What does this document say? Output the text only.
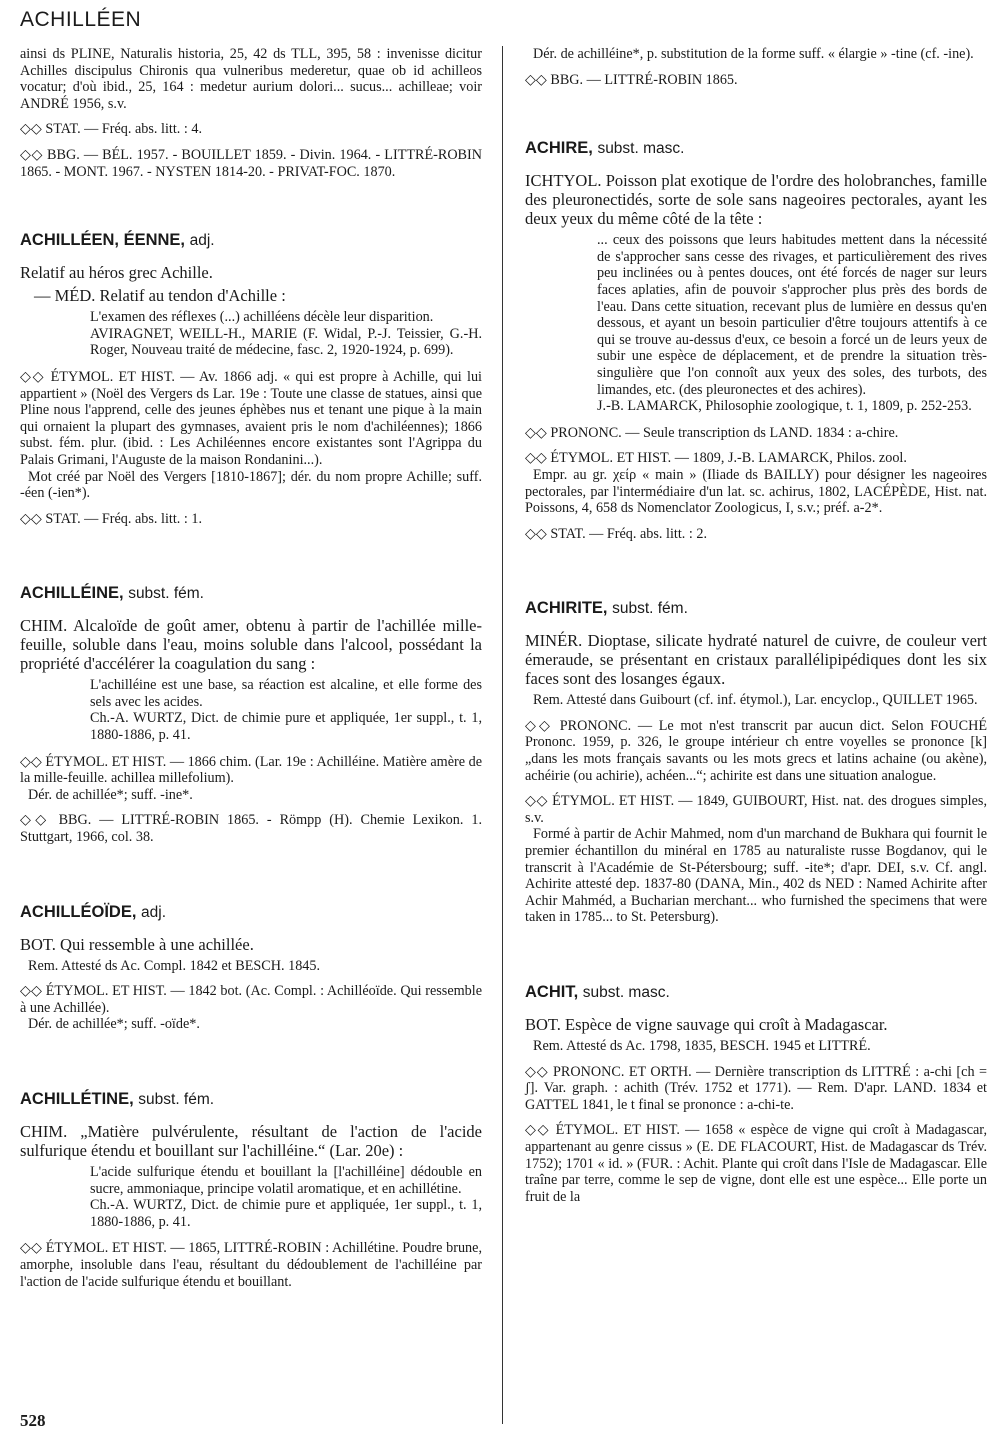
ACHILLÉEN

ainsi ds PLINE, Naturalis historia, 25, 42 ds TLL, 395, 58 : invenisse dicitur Achilles discipulus Chironis qua vulneribus mederetur, quae ob id achilleos vocatur; d'où ibid., 25, 164 : medetur aurium dolori... sucus... achilleae; voir ANDRÉ 1956, s.v.

◇◇ STAT. — Fréq. abs. litt. : 4.

◇◇ BBG. — BÉL. 1957. - BOUILLET 1859. - Divin. 1964. - LITTRÉ-ROBIN 1865. - MONT. 1967. - NYSTEN 1814-20. - PRIVAT-FOC. 1870.

ACHILLÉEN, ÉENNE, adj.

Relatif au héros grec Achille.

— MÉD. Relatif au tendon d'Achille :

L'examen des réflexes (...) achilléens décèle leur disparition.
AVIRAGNET, WEILL-H., MARIE (F. Widal, P.-J. Teissier, G.-H. Roger, Nouveau traité de médecine, fasc. 2, 1920-1924, p. 699).

◇◇ ÉTYMOL. ET HIST. — Av. 1866 adj. « qui est propre à Achille, qui lui appartient » (Noël des Vergers ds Lar. 19e : Toute une classe de statues, ainsi que Pline nous l'apprend, celle des jeunes éphèbes nus et tenant une pique à la main qui ornaient la plupart des gymnases, avaient pris le nom d'achiléennes); 1866 subst. fém. plur. (ibid. : Les Achiléennes encore existantes sont l'Agrippa du Palais Grimani, l'Auguste de la maison Rondanini...).

Mot créé par Noël des Vergers [1810-1867]; dér. du nom propre Achille; suff. -éen (-ien*).

◇◇ STAT. — Fréq. abs. litt. : 1.

ACHILLÉINE, subst. fém.

CHIM. Alcaloïde de goût amer, obtenu à partir de l'achillée mille-feuille, soluble dans l'eau, moins soluble dans l'alcool, possédant la propriété d'accélérer la coagulation du sang :

L'achilléine est une base, sa réaction est alcaline, et elle forme des sels avec les acides.
Ch.-A. WURTZ, Dict. de chimie pure et appliquée, 1er suppl., t. 1, 1880-1886, p. 41.

◇◇ ÉTYMOL. ET HIST. — 1866 chim. (Lar. 19e : Achilléine. Matière amère de la mille-feuille. achillea millefolium).

Dér. de achillée*; suff. -ine*.

◇◇ BBG. — LITTRÉ-ROBIN 1865. - Römpp (H). Chemie Lexikon. 1. Stuttgart, 1966, col. 38.

ACHILLÉOÏDE, adj.

BOT. Qui ressemble à une achillée.

Rem. Attesté ds Ac. Compl. 1842 et BESCH. 1845.

◇◇ ÉTYMOL. ET HIST. — 1842 bot. (Ac. Compl. : Achilléoïde. Qui ressemble à une Achillée).

Dér. de achillée*; suff. -oïde*.

ACHILLÉTINE, subst. fém.

CHIM. „Matière pulvérulente, résultant de l'action de l'acide sulfurique étendu et bouillant sur l'achilléine.“ (Lar. 20e) :

L'acide sulfurique étendu et bouillant la [l'achilléine] dédouble en sucre, ammoniaque, principe volatil aromatique, et en achillétine.
Ch.-A. WURTZ, Dict. de chimie pure et appliquée, 1er suppl., t. 1, 1880-1886, p. 41.

◇◇ ÉTYMOL. ET HIST. — 1865, LITTRÉ-ROBIN : Achillétine. Poudre brune, amorphe, insoluble dans l'eau, résultant du dédoublement de l'achilléine par l'action de l'acide sulfurique étendu et bouillant.

Dér. de achilléine*, p. substitution de la forme suff. « élargie » -tine (cf. -ine).

◇◇ BBG. — LITTRÉ-ROBIN 1865.

ACHIRE, subst. masc.

ICHTYOL. Poisson plat exotique de l'ordre des holobranches, famille des pleuronectidés, sorte de sole sans nageoires pectorales, ayant les deux yeux du même côté de la tête :

... ceux des poissons que leurs habitudes mettent dans la nécessité de s'approcher sans cesse des rivages, et particulièrement des rives peu inclinées ou à pentes douces, ont été forcés de nager sur leurs faces aplaties, afin de pouvoir s'approcher plus près des bords de l'eau. Dans cette situation, recevant plus de lumière en dessus qu'en dessous, et ayant un besoin particulier d'être toujours attentifs à ce qui se trouve au-dessus d'eux, ce besoin a forcé un de leurs yeux de subir une espèce de déplacement, et de prendre la situation très-singulière que l'on connoît aux yeux des soles, des turbots, des limandes, etc. (des pleuronectes et des achires).
J.-B. LAMARCK, Philosophie zoologique, t. 1, 1809, p. 252-253.

◇◇ PRONONC. — Seule transcription ds LAND. 1834 : a-chire.

◇◇ ÉTYMOL. ET HIST. — 1809, J.-B. LAMARCK, Philos. zool.

Empr. au gr. χείρ « main » (Iliade ds BAILLY) pour désigner les nageoires pectorales, par l'intermédiaire d'un lat. sc. achirus, 1802, LACÉPÈDE, Hist. nat. Poissons, 4, 658 ds Nomenclator Zoologicus, I, s.v.; préf. a-2*.

◇◇ STAT. — Fréq. abs. litt. : 2.

ACHIRITE, subst. fém.

MINÉR. Dioptase, silicate hydraté naturel de cuivre, de couleur vert émeraude, se présentant en cristaux parallélipipédiques dont les six faces sont des losanges égaux.

Rem. Attesté dans Guibourt (cf. inf. étymol.), Lar. encyclop., QUILLET 1965.

◇◇ PRONONC. — Le mot n'est transcrit par aucun dict. Selon FOUCHÉ Prononc. 1959, p. 326, le groupe intérieur ch entre voyelles se prononce [k] „dans les mots français savants ou les mots grecs et latins achaine (ou akène), achéirie (ou achirie), achéen...“; achirite est dans une situation analogue.

◇◇ ÉTYMOL. ET HIST. — 1849, GUIBOURT, Hist. nat. des drogues simples, s.v.

Formé à partir de Achir Mahmed, nom d'un marchand de Bukhara qui fournit le premier échantillon du minéral en 1785 au naturaliste russe Bogdanov, qui le transcrit à l'Académie de St-Pétersbourg; suff. -ite*; d'apr. DEI, s.v. Cf. angl. Achirite attesté dep. 1837-80 (DANA, Min., 402 ds NED : Named Achirite after Achir Mahméd, a Bucharian merchant... who furnished the specimens that were taken in 1785... to St. Petersburg).

ACHIT, subst. masc.

BOT. Espèce de vigne sauvage qui croît à Madagascar.

Rem. Attesté ds Ac. 1798, 1835, BESCH. 1945 et LITTRÉ.

◇◇ PRONONC. ET ORTH. — Dernière transcription ds LITTRÉ : a-chi [ch = ʃ]. Var. graph. : achith (Trév. 1752 et 1771). — Rem. D'apr. LAND. 1834 et GATTEL 1841, le t final se prononce : a-chi-te.

◇◇ ÉTYMOL. ET HIST. — 1658 « espèce de vigne qui croît à Madagascar, appartenant au genre cissus » (E. DE FLACOURT, Hist. de Madagascar ds Trév. 1752); 1701 « id. » (FUR. : Achit. Plante qui croît dans l'Isle de Madagascar. Elle traîne par terre, comme le sep de vigne, dont elle est une espèce... Elle porte un fruit de la

528
